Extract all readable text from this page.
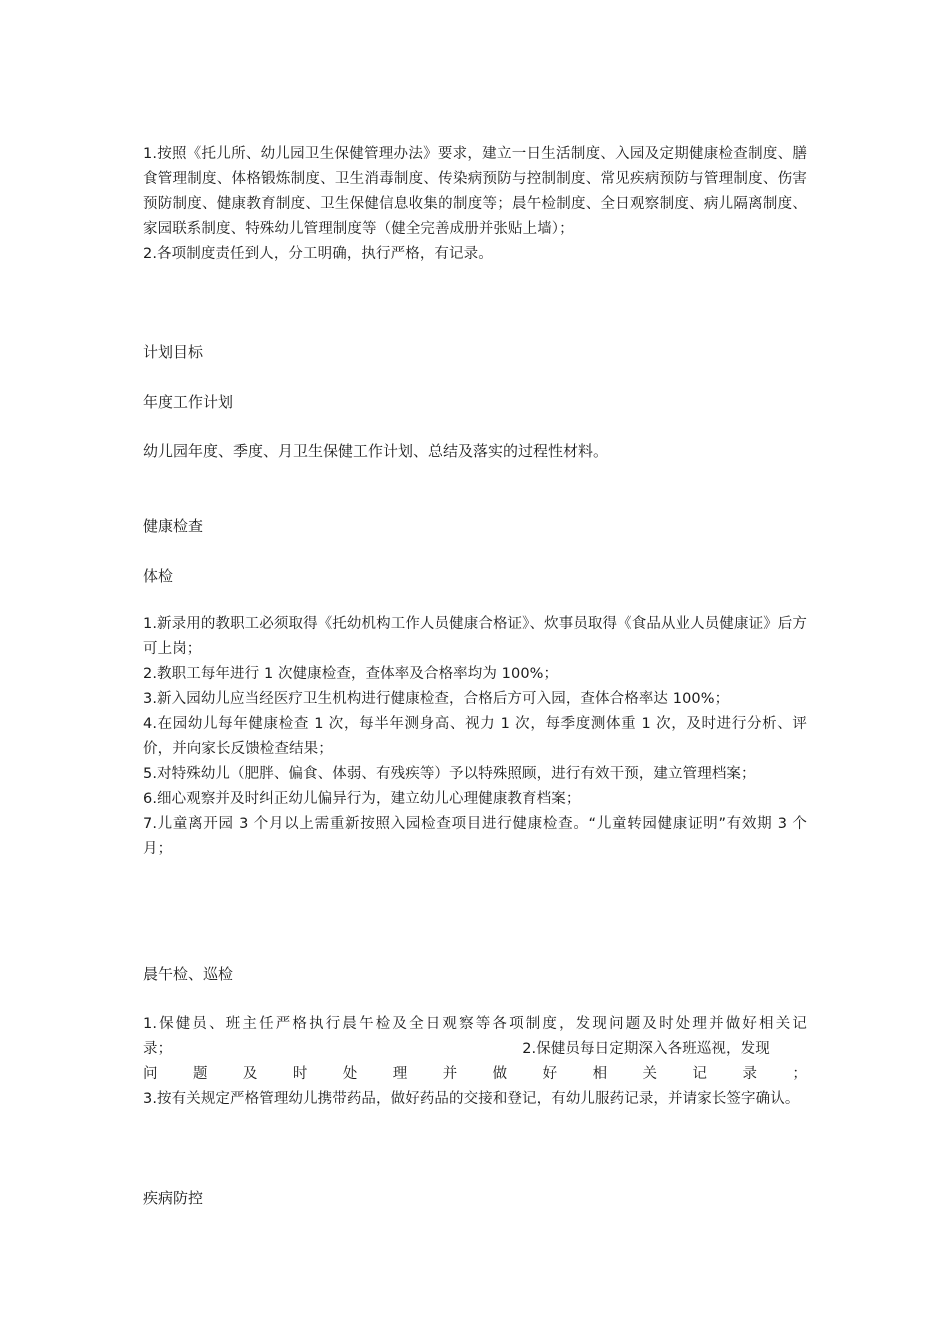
1.按照《托儿所、幼儿园卫生保健管理办法》要求，建立一日生活制度、入园及定期健康检查制度、膳食管理制度、体格锻炼制度、卫生消毒制度、传染病预防与控制制度、常见疾病预防与管理制度、伤害预防制度、健康教育制度、卫生保健信息收集的制度等；晨午检制度、全日观察制度、病儿隔离制度、家园联系制度、特殊幼儿管理制度等（健全完善成册并张贴上墙）；

2.各项制度责任到人，分工明确，执行严格，有记录。

计划目标

年度工作计划

幼儿园年度、季度、月卫生保健工作计划、总结及落实的过程性材料。

健康检查

体检

1.新录用的教职工必须取得《托幼机构工作人员健康合格证》、炊事员取得《食品从业人员健康证》后方可上岗；

2.教职工每年进行 1 次健康检查，查体率及合格率均为 100%；

3.新入园幼儿应当经医疗卫生机构进行健康检查，合格后方可入园，查体合格率达 100%；

4.在园幼儿每年健康检查 1 次，每半年测身高、视力 1 次，每季度测体重 1 次，及时进行分析、评价，并向家长反馈检查结果；

5.对特殊幼儿（肥胖、偏食、体弱、有残疾等）予以特殊照顾，进行有效干预，建立管理档案；

6.细心观察并及时纠正幼儿偏异行为，建立幼儿心理健康教育档案；

7.儿童离开园 3 个月以上需重新按照入园检查项目进行健康检查。“儿童转园健康证明”有效期 3 个月；

晨午检、巡检

1.保健员、班主任严格执行晨午检及全日观察等各项制度，发现问题及时处理并做好相关记

录；	2.保健员每日定期深入各班巡视，发现

问题及时处理并做好相关记录；

3.按有关规定严格管理幼儿携带药品，做好药品的交接和登记，有幼儿服药记录，并请家长签字确认。

疾病防控
